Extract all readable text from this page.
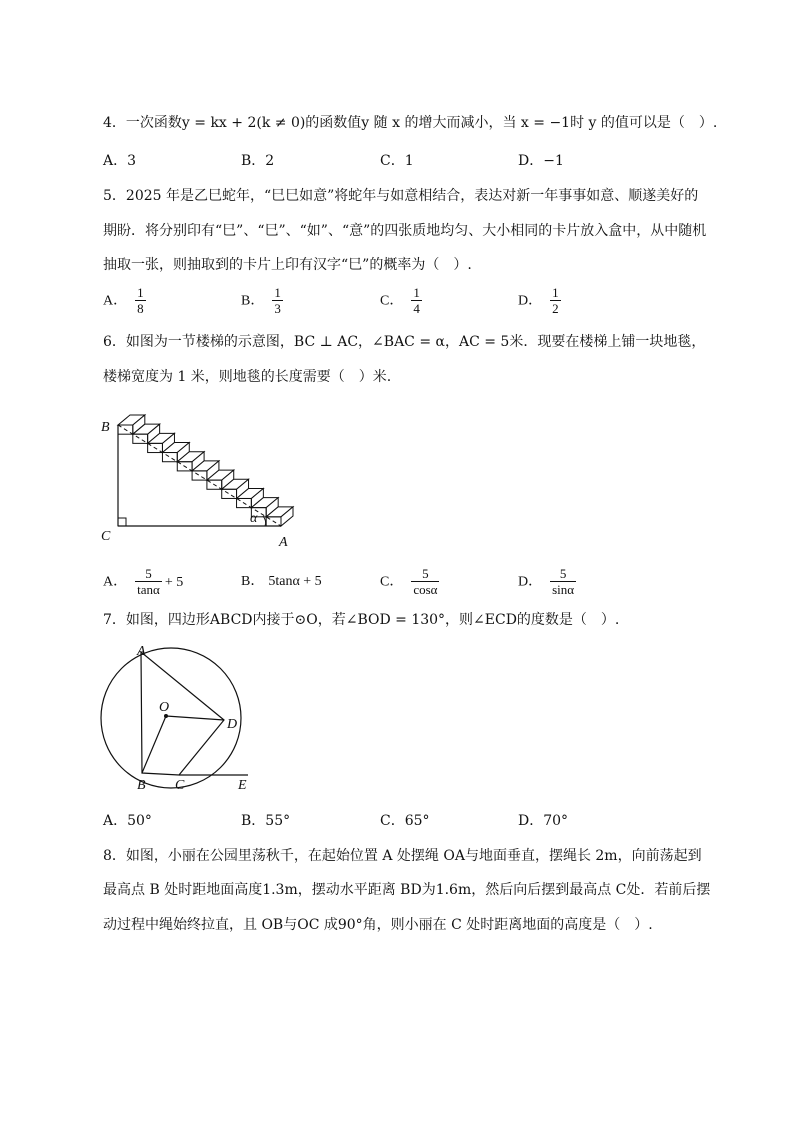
4．一次函数y = kx + 2(k ≠ 0)的函数值y 随 x 的增大而减小，当 x = −1时 y 的值可以是（　）.
A．3	B．2	C．1	D．−1
5．2025 年是乙巳蛇年，“巳巳如意”将蛇年与如意相结合，表达对新一年事事如意、顺遂美好的
期盼．将分别印有“巳”、“巳”、“如”、“意”的四张质地均匀、大小相同的卡片放入盒中，从中随机
抽取一张，则抽取到的卡片上印有汉字“巳”的概率为（　）.
A． $\frac{1}{8}$	B． $\frac{1}{3}$	C． $\frac{1}{4}$	D． $\frac{1}{2}$
6．如图为一节楼梯的示意图，BC ⊥ AC，∠BAC = α，AC = 5米．现要在楼梯上铺一块地毯，
楼梯宽度为 1 米，则地毯的长度需要（　）米.
B
C	A
α
A． $\frac{5}{\tan\alpha} + 5$	B． 5tanα + 5	C． $\frac{5}{\cos\alpha}$	D． $\frac{5}{\sin\alpha}$
7．如图，四边形ABCD内接于⊙O，若∠BOD = 130°，则∠ECD的度数是（　）.
A
O
D
B C	E
A．50°	B．55°	C．65°	D．70°
8．如图，小丽在公园里荡秋千，在起始位置 A 处摆绳 OA与地面垂直，摆绳长 2m，向前荡起到
最高点 B 处时距地面高度1.3m，摆动水平距离 BD为1.6m，然后向后摆到最高点 C处．若前后摆
动过程中绳始终拉直，且 OB与OC 成90°角，则小丽在 C 处时距离地面的高度是（　）.
